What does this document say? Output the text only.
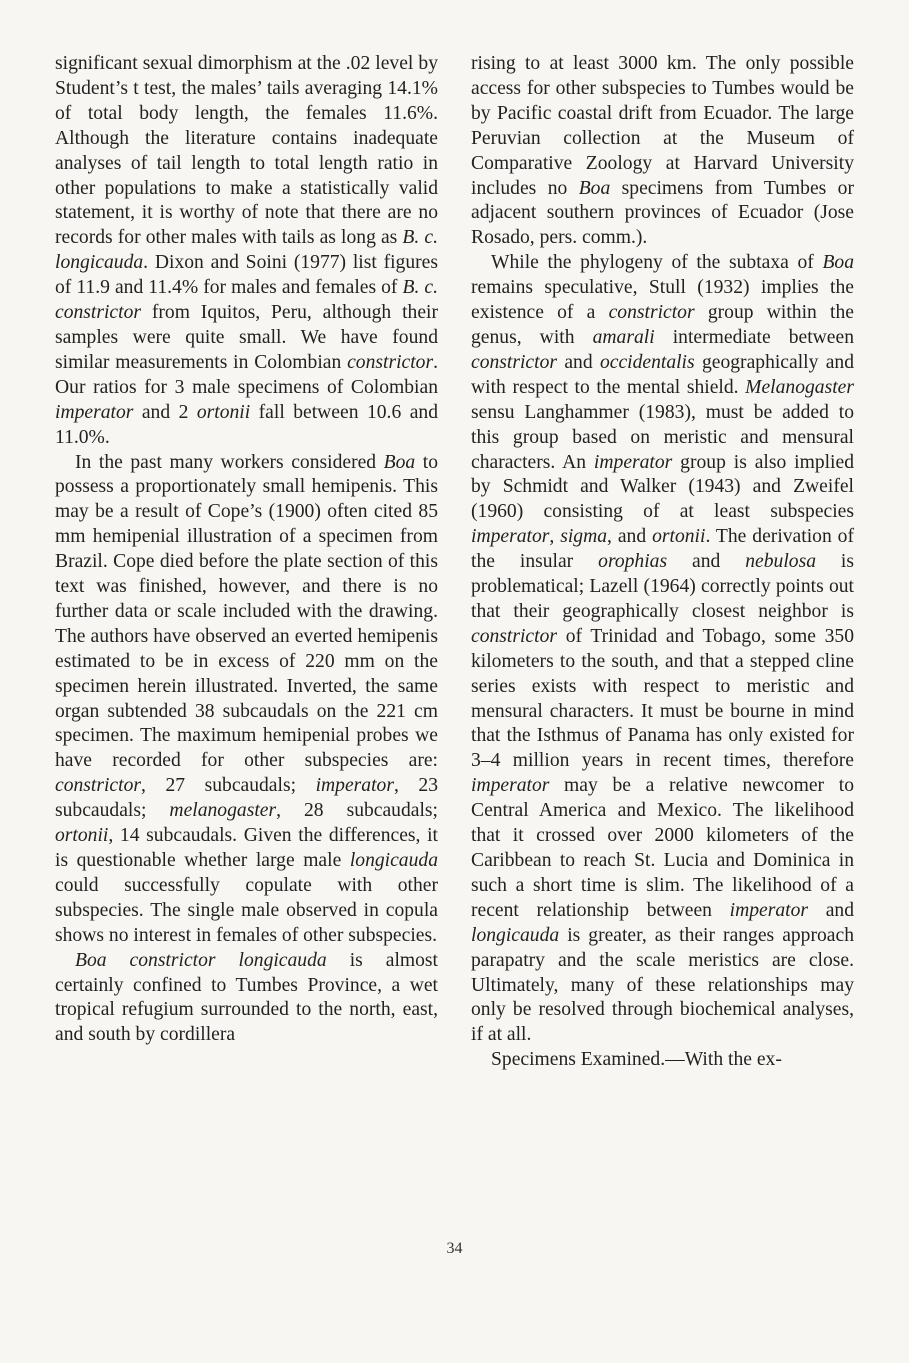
significant sexual dimorphism at the .02 level by Student’s t test, the males’ tails averaging 14.1% of total body length, the females 11.6%. Although the literature contains inadequate analyses of tail length to total length ratio in other populations to make a statistically valid statement, it is worthy of note that there are no records for other males with tails as long as B. c. longicauda. Dixon and Soini (1977) list figures of 11.9 and 11.4% for males and females of B. c. constrictor from Iquitos, Peru, although their samples were quite small. We have found similar measurements in Colombian constrictor. Our ratios for 3 male specimens of Colombian imperator and 2 ortonii fall between 10.6 and 11.0%.

In the past many workers considered Boa to possess a proportionately small hemipenis. This may be a result of Cope’s (1900) often cited 85 mm hemipenial illustration of a specimen from Brazil. Cope died before the plate section of this text was finished, however, and there is no further data or scale included with the drawing. The authors have observed an everted hemipenis estimated to be in excess of 220 mm on the specimen herein illustrated. Inverted, the same organ subtended 38 subcaudals on the 221 cm specimen. The maximum hemipenial probes we have recorded for other subspecies are: constrictor, 27 subcaudals; imperator, 23 subcaudals; melanogaster, 28 subcaudals; ortonii, 14 subcaudals. Given the differences, it is questionable whether large male longicauda could successfully copulate with other subspecies. The single male observed in copula shows no interest in females of other subspecies.

Boa constrictor longicauda is almost certainly confined to Tumbes Province, a wet tropical refugium surrounded to the north, east, and south by cordillera

rising to at least 3000 km. The only possible access for other subspecies to Tumbes would be by Pacific coastal drift from Ecuador. The large Peruvian collection at the Museum of Comparative Zoology at Harvard University includes no Boa specimens from Tumbes or adjacent southern provinces of Ecuador (Jose Rosado, pers. comm.).

While the phylogeny of the subtaxa of Boa remains speculative, Stull (1932) implies the existence of a constrictor group within the genus, with amarali intermediate between constrictor and occidentalis geographically and with respect to the mental shield. Melanogaster sensu Langhammer (1983), must be added to this group based on meristic and mensural characters. An imperator group is also implied by Schmidt and Walker (1943) and Zweifel (1960) consisting of at least subspecies imperator, sigma, and ortonii. The derivation of the insular orophias and nebulosa is problematical; Lazell (1964) correctly points out that their geographically closest neighbor is constrictor of Trinidad and Tobago, some 350 kilometers to the south, and that a stepped cline series exists with respect to meristic and mensural characters. It must be bourne in mind that the Isthmus of Panama has only existed for 3–4 million years in recent times, therefore imperator may be a relative newcomer to Central America and Mexico. The likelihood that it crossed over 2000 kilometers of the Caribbean to reach St. Lucia and Dominica in such a short time is slim. The likelihood of a recent relationship between imperator and longicauda is greater, as their ranges approach parapatry and the scale meristics are close. Ultimately, many of these relationships may only be resolved through biochemical analyses, if at all.

Specimens Examined.—With the ex-

34
